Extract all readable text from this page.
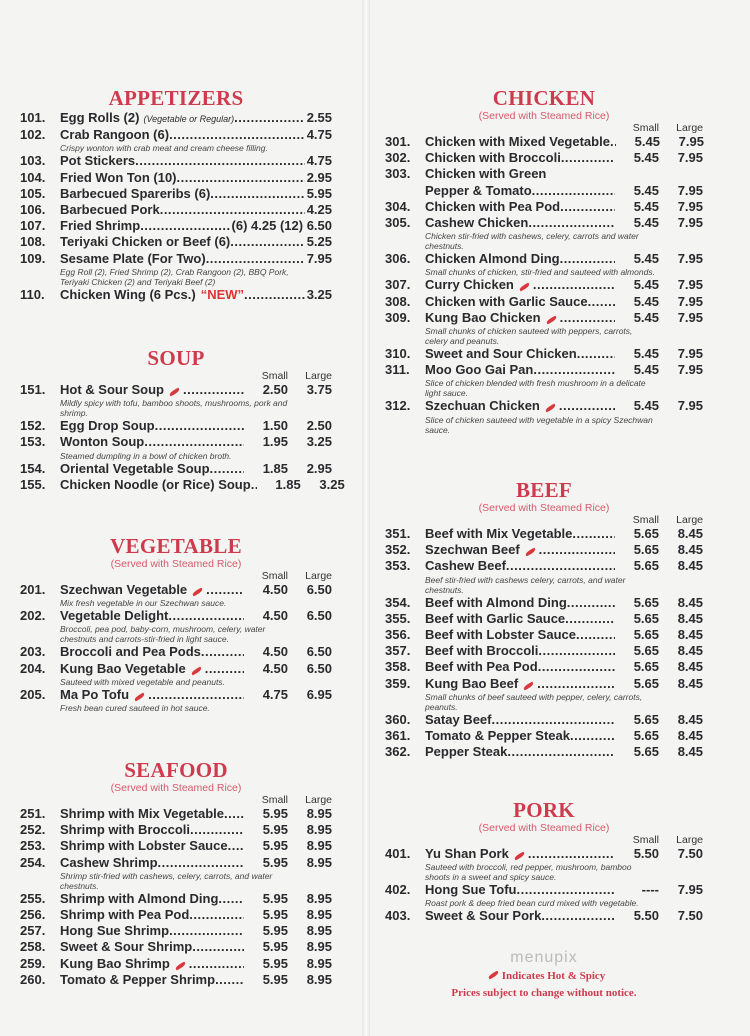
APPETIZERS
101.	Egg Rolls (2) (Vegetable or Regular) .....	2.55
102.	Crab Rangoon (6) .....	4.75
Crispy wonton with crab meat and cream cheese filling.
103.	Pot Stickers .....	4.75
104.	Fried Won Ton (10) .....	2.95
105.	Barbecued Spareribs (6) .....	5.95
106.	Barbecued Pork .....	4.25
107.	Fried Shrimp .....	(6) 4.25 (12) 6.50
108.	Teriyaki Chicken or Beef (6) .....	5.25
109.	Sesame Plate (For Two) .....	7.95
Egg Roll (2), Fried Shrimp (2), Crab Rangoon (2), BBQ Pork, Teriyaki Chicken (2) and Teriyaki Beef (2)
110.	Chicken Wing (6 Pcs.) “NEW” .....	3.25
SOUP
Small	Large
151.	Hot & Sour Soup .....	2.50	3.75
Mildly spicy with tofu, bamboo shoots, mushrooms, pork and shrimp.
152.	Egg Drop Soup .....	1.50	2.50
153.	Wonton Soup .....	1.95	3.25
Steamed dumpling in a bowl of chicken broth.
154.	Oriental Vegetable Soup .....	1.85	2.95
155.	Chicken Noodle (or Rice) Soup .....	1.85	3.25
VEGETABLE
(Served with Steamed Rice)
Small	Large
201.	Szechwan Vegetable .....	4.50	6.50
Mix fresh vegetable in our Szechwan sauce.
202.	Vegetable Delight .....	4.50	6.50
Broccoli, pea pod, baby-corn, mushroom, celery, water chestnuts and carrots-stir-fried in light sauce.
203.	Broccoli and Pea Pods .....	4.50	6.50
204.	Kung Bao Vegetable .....	4.50	6.50
Sauteed with mixed vegetable and peanuts.
205.	Ma Po Tofu .....	4.75	6.95
Fresh bean cured sauteed in hot sauce.
SEAFOOD
(Served with Steamed Rice)
Small	Large
251.	Shrimp with Mix Vegetable .....	5.95	8.95
252.	Shrimp with Broccoli .....	5.95	8.95
253.	Shrimp with Lobster Sauce .....	5.95	8.95
254.	Cashew Shrimp .....	5.95	8.95
Shrimp stir-fried with cashews, celery, carrots, and water chestnuts.
255.	Shrimp with Almond Ding .....	5.95	8.95
256.	Shrimp with Pea Pod .....	5.95	8.95
257.	Hong Sue Shrimp .....	5.95	8.95
258.	Sweet & Sour Shrimp .....	5.95	8.95
259.	Kung Bao Shrimp .....	5.95	8.95
260.	Tomato & Pepper Shrimp .....	5.95	8.95
CHICKEN
(Served with Steamed Rice)
Small	Large
301.	Chicken with Mixed Vegetable .....	5.45	7.95
302.	Chicken with Broccoli .....	5.45	7.95
303.	Chicken with Green
Pepper & Tomato .....	5.45	7.95
304.	Chicken with Pea Pod .....	5.45	7.95
305.	Cashew Chicken .....	5.45	7.95
Chicken stir-fried with cashews, celery, carrots and water chestnuts.
306.	Chicken Almond Ding .....	5.45	7.95
Small chunks of chicken, stir-fried and sauteed with almonds.
307.	Curry Chicken .....	5.45	7.95
308.	Chicken with Garlic Sauce .....	5.45	7.95
309.	Kung Bao Chicken .....	5.45	7.95
Small chunks of chicken sauteed with peppers, carrots, celery and peanuts.
310.	Sweet and Sour Chicken .....	5.45	7.95
311.	Moo Goo Gai Pan .....	5.45	7.95
Slice of chicken blended with fresh mushroom in a delicate light sauce.
312.	Szechuan Chicken .....	5.45	7.95
Slice of chicken sauteed with vegetable in a spicy Szechwan sauce.
BEEF
(Served with Steamed Rice)
Small	Large
351.	Beef with Mix Vegetable .....	5.65	8.45
352.	Szechwan Beef .....	5.65	8.45
353.	Cashew Beef .....	5.65	8.45
Beef stir-fried with cashews celery, carrots, and water chestnuts.
354.	Beef with Almond Ding .....	5.65	8.45
355.	Beef with Garlic Sauce .....	5.65	8.45
356.	Beef with Lobster Sauce .....	5.65	8.45
357.	Beef with Broccoli .....	5.65	8.45
358.	Beef with Pea Pod .....	5.65	8.45
359.	Kung Bao Beef .....	5.65	8.45
Small chunks of beef sauteed with pepper, celery, carrots, peanuts.
360.	Satay Beef .....	5.65	8.45
361.	Tomato & Pepper Steak .....	5.65	8.45
362.	Pepper Steak .....	5.65	8.45
PORK
(Served with Steamed Rice)
Small	Large
401.	Yu Shan Pork .....	5.50	7.50
Sauteed with broccoli, red pepper, mushroom, bamboo shoots in a sweet and spicy sauce.
402.	Hong Sue Tofu .....	----	7.95
Roast pork & deep fried bean curd mixed with vegetable.
403.	Sweet & Sour Pork .....	5.50	7.50
menupix
Indicates Hot & Spicy
Prices subject to change without notice.
